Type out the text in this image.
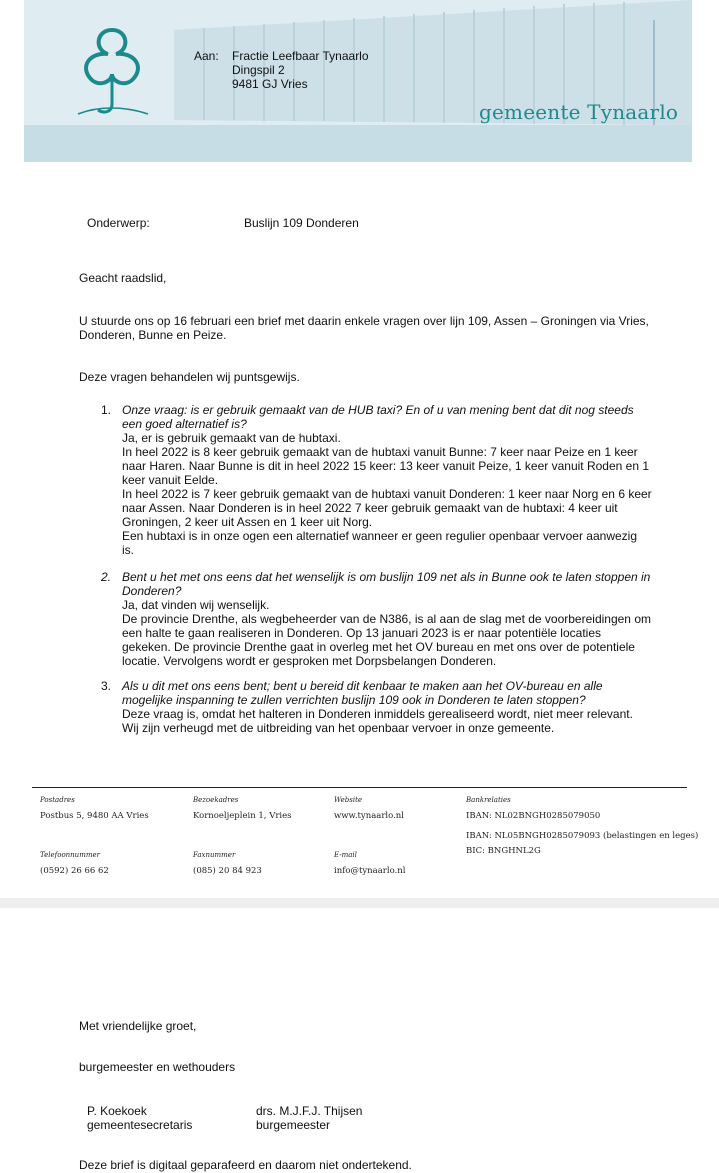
gemeente Tynaarlo
Aan: Fractie Leefbaar Tynaarlo
Dingspil 2
9481 GJ Vries
Onderwerp:	Buslijn 109 Donderen
Geacht raadslid,
U stuurde ons op 16 februari een brief met daarin enkele vragen over lijn 109, Assen – Groningen via Vries, Donderen, Bunne en Peize.
Deze vragen behandelen wij puntsgewijs.
1. Onze vraag: is er gebruik gemaakt van de HUB taxi? En of u van mening bent dat dit nog steeds een goed alternatief is?
Ja, er is gebruik gemaakt van de hubtaxi.
In heel 2022 is 8 keer gebruik gemaakt van de hubtaxi vanuit Bunne: 7 keer naar Peize en 1 keer naar Haren. Naar Bunne is dit in heel 2022 15 keer: 13 keer vanuit Peize, 1 keer vanuit Roden en 1 keer vanuit Eelde.
In heel 2022 is 7 keer gebruik gemaakt van de hubtaxi vanuit Donderen: 1 keer naar Norg en 6 keer naar Assen. Naar Donderen is in heel 2022 7 keer gebruik gemaakt van de hubtaxi: 4 keer uit Groningen, 2 keer uit Assen en 1 keer uit Norg.
Een hubtaxi is in onze ogen een alternatief wanneer er geen regulier openbaar vervoer aanwezig is.
2. Bent u het met ons eens dat het wenselijk is om buslijn 109 net als in Bunne ook te laten stoppen in Donderen?
Ja, dat vinden wij wenselijk.
De provincie Drenthe, als wegbeheerder van de N386, is al aan de slag met de voorbereidingen om een halte te gaan realiseren in Donderen. Op 13 januari 2023 is er naar potentiële locaties gekeken. De provincie Drenthe gaat in overleg met het OV bureau en met ons over de potentiele locatie. Vervolgens wordt er gesproken met Dorpsbelangen Donderen.
3. Als u dit met ons eens bent; bent u bereid dit kenbaar te maken aan het OV-bureau en alle mogelijke inspanning te zullen verrichten buslijn 109 ook in Donderen te laten stoppen?
Deze vraag is, omdat het halteren in Donderen inmiddels gerealiseerd wordt, niet meer relevant.
Wij zijn verheugd met de uitbreiding van het openbaar vervoer in onze gemeente.
Postadres
Postbus 5, 9480 AA Vries
Bezoekadres
Kornoeljeplein 1, Vries
Website
www.tynaarlo.nl
Bankrelaties
IBAN: NL02BNGH0285079050
IBAN: NL05BNGH0285079093 (belastingen en leges)
BIC: BNGHNL2G
Telefoonnummer
(0592) 26 66 62
Faxnummer
(085) 20 84 923
E-mail
info@tynaarlo.nl
Met vriendelijke groet,
burgemeester en wethouders
P. Koekoek
gemeentesecretaris
drs. M.J.F.J. Thijsen
burgemeester
Deze brief is digitaal geparafeerd en daarom niet ondertekend.
